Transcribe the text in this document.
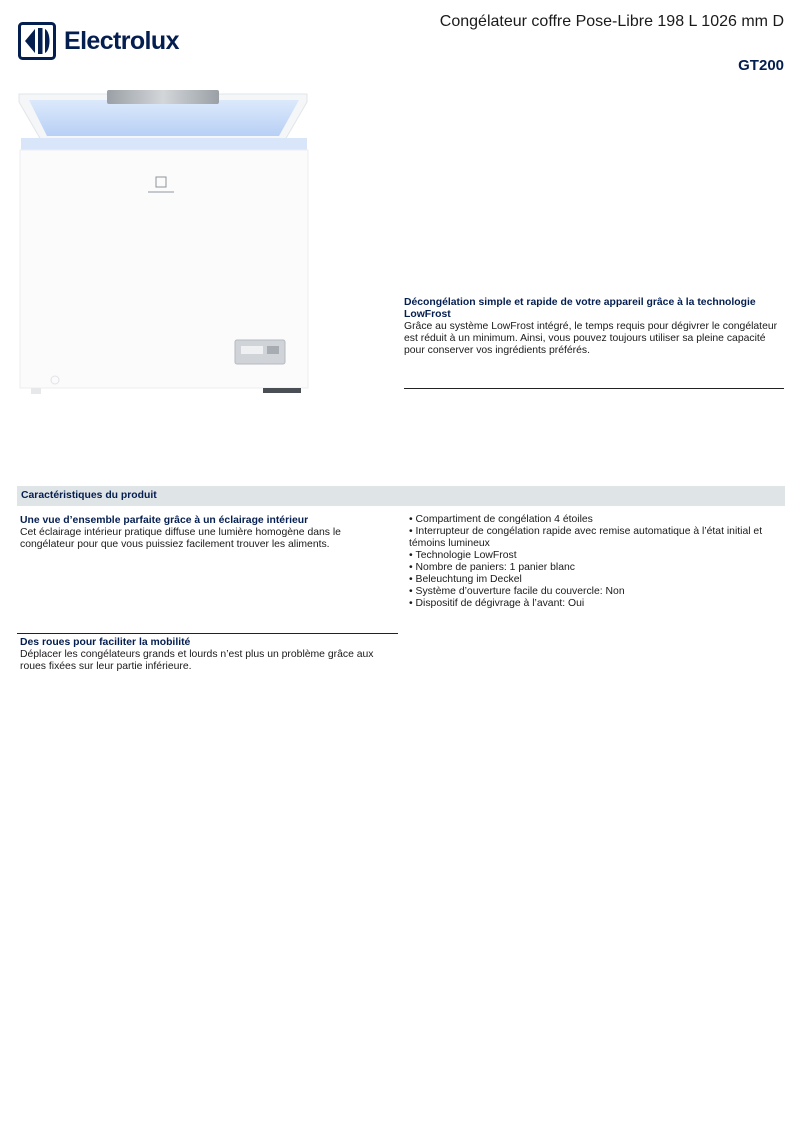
Electrolux
Congélateur coffre Pose-Libre 198 L 1026 mm D
GT200
Décongélation simple et rapide de votre appareil grâce à la technologie LowFrost
Grâce au système LowFrost intégré, le temps requis pour dégivrer le congélateur est réduit à un minimum. Ainsi, vous pouvez toujours utiliser sa pleine capacité pour conserver vos ingrédients préférés.
Caractéristiques du produit
Une vue d’ensemble parfaite grâce à un éclairage intérieur
Cet éclairage intérieur pratique diffuse une lumière homogène dans le congélateur pour que vous puissiez facilement trouver les aliments.
Des roues pour faciliter la mobilité
Déplacer les congélateurs grands et lourds n’est plus un problème grâce aux roues fixées sur leur partie inférieure.
• Compartiment de congélation 4 étoiles
• Interrupteur de congélation rapide avec remise automatique à l’état initial et témoins lumineux
• Technologie LowFrost
• Nombre de paniers: 1 panier blanc
• Beleuchtung im Deckel
• Système d’ouverture facile du couvercle: Non
• Dispositif de dégivrage à l’avant: Oui
